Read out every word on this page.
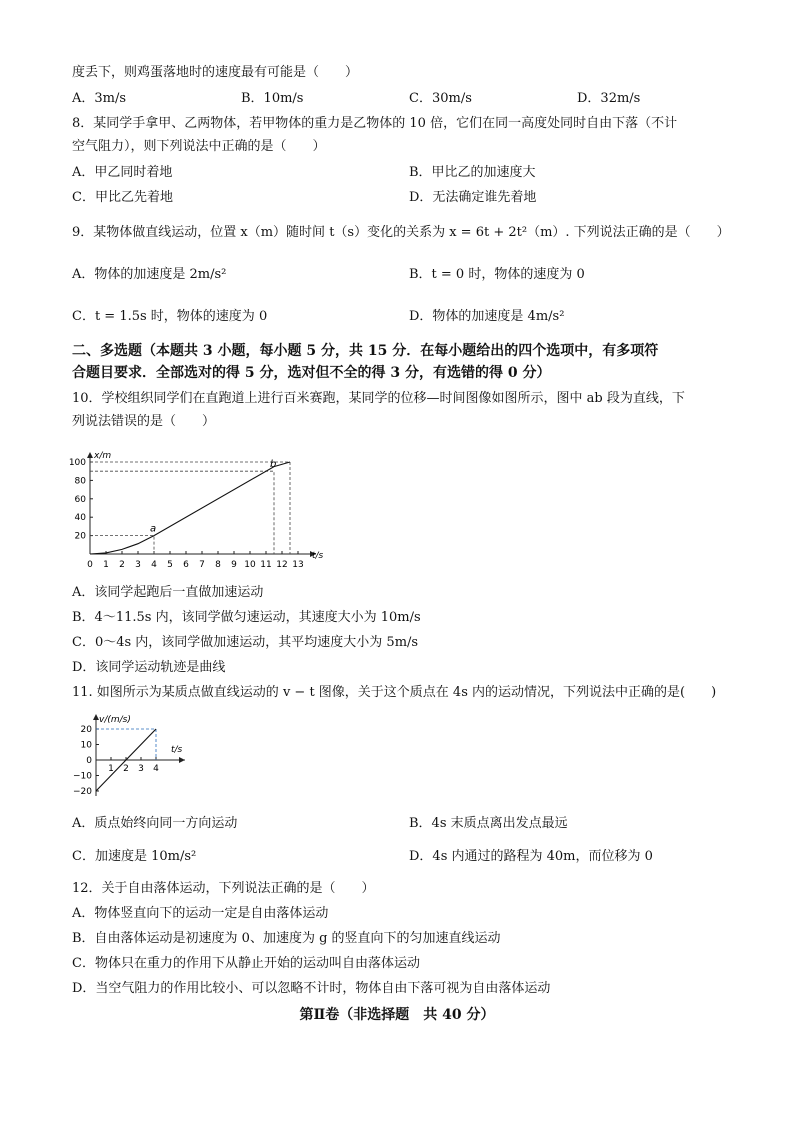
度丢下，则鸡蛋落地时的速度最有可能是（　　）
A．3m/s	B．10m/s	C．30m/s	D．32m/s
8．某同学手拿甲、乙两物体，若甲物体的重力是乙物体的 10 倍，它们在同一高度处同时自由下落（不计
空气阻力），则下列说法中正确的是（　　）
A．甲乙同时着地	B．甲比乙的加速度大
C．甲比乙先着地	D．无法确定谁先着地
9．某物体做直线运动，位置 x（m）随时间 t（s）变化的关系为 x = 6t + 2t²（m）. 下列说法正确的是（　　）
A．物体的加速度是 2m/s²	B．t = 0 时，物体的速度为 0
C．t = 1.5s 时，物体的速度为 0	D．物体的加速度是 4m/s²
二、多选题（本题共 3 小题，每小题 5 分，共 15 分．在每小题给出的四个选项中，有多项符
合题目要求．全部选对的得 5 分，选对但不全的得 3 分，有选错的得 0 分）
10．学校组织同学们在直跑道上进行百米赛跑，某同学的位移—时间图像如图所示，图中 ab 段为直线，下
列说法错误的是（　　）
x/m
t/s
0 1 2 3 4 5 6 7 8 9 10 11 12 13
20
40
60
80
100
a
b
A．该同学起跑后一直做加速运动
B．4～11.5s 内，该同学做匀速运动，其速度大小为 10m/s
C．0～4s 内，该同学做加速运动，其平均速度大小为 5m/s
D．该同学运动轨迹是曲线
11. 如图所示为某质点做直线运动的 v − t 图像，关于这个质点在 4s 内的运动情况，下列说法中正确的是(　　)
v/(m/s)
t/s
1 2 3 4
20
10
0
−10
−20
A．质点始终向同一方向运动	B．4s 末质点离出发点最远
C．加速度是 10m/s²	D．4s 内通过的路程为 40m，而位移为 0
12．关于自由落体运动，下列说法正确的是（　　）
A．物体竖直向下的运动一定是自由落体运动
B．自由落体运动是初速度为 0、加速度为 g 的竖直向下的匀加速直线运动
C．物体只在重力的作用下从静止开始的运动叫自由落体运动
D．当空气阻力的作用比较小、可以忽略不计时，物体自由下落可视为自由落体运动
第Ⅱ卷（非选择题　共 40 分）
